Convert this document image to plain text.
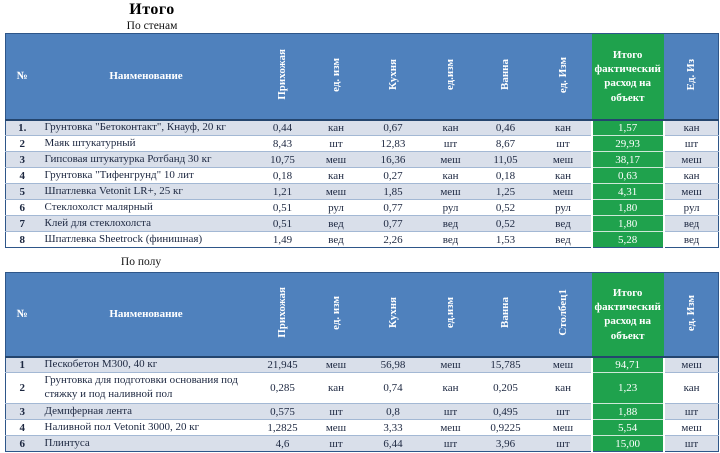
Итого
По стенам
№	Наименование	Прихожая	ед. изм	Кухня	ед.изм	Ванна	ед. Изм	Итого фактический расход на объект	Ед. Из
1.	Грунтовка "Бетоконтакт", Кнауф, 20 кг	0,44	кан	0,67	кан	0,46	кан	1,57	кан
2	Маяк штукатурный	8,43	шт	12,83	шт	8,67	шт	29,93	шт
3	Гипсовая штукатурка Ротбанд 30 кг	10,75	меш	16,36	меш	11,05	меш	38,17	меш
4	Грунтовка "Тифенгрунд" 10 лит	0,18	кан	0,27	кан	0,18	кан	0,63	кан
5	Шпатлевка Vetonit LR+, 25 кг	1,21	меш	1,85	меш	1,25	меш	4,31	меш
6	Стеклохолст малярный	0,51	рул	0,77	рул	0,52	рул	1,80	рул
7	Клей для стеклохолста	0,51	вед	0,77	вед	0,52	вед	1,80	вед
8	Шпатлевка Sheetrock (финишная)	1,49	вед	2,26	вед	1,53	вед	5,28	вед
По полу
№	Наименование	Прихожая	ед. изм	Кухня	ед.изм	Ванна	Столбец1	Итого фактический расход на объект	ед. Изм
1	Пескобетон М300, 40 кг	21,945	меш	56,98	меш	15,785	меш	94,71	меш
2	Грунтовка для подготовки основания под стяжку и под наливной пол	0,285	кан	0,74	кан	0,205	кан	1,23	кан
3	Демпферная лента	0,575	шт	0,8	шт	0,495	шт	1,88	шт
4	Наливной пол Vetonit 3000, 20 кг	1,2825	меш	3,33	меш	0,9225	меш	5,54	меш
6	Плинтуса	4,6	шт	6,44	шт	3,96	шт	15,00	шт
